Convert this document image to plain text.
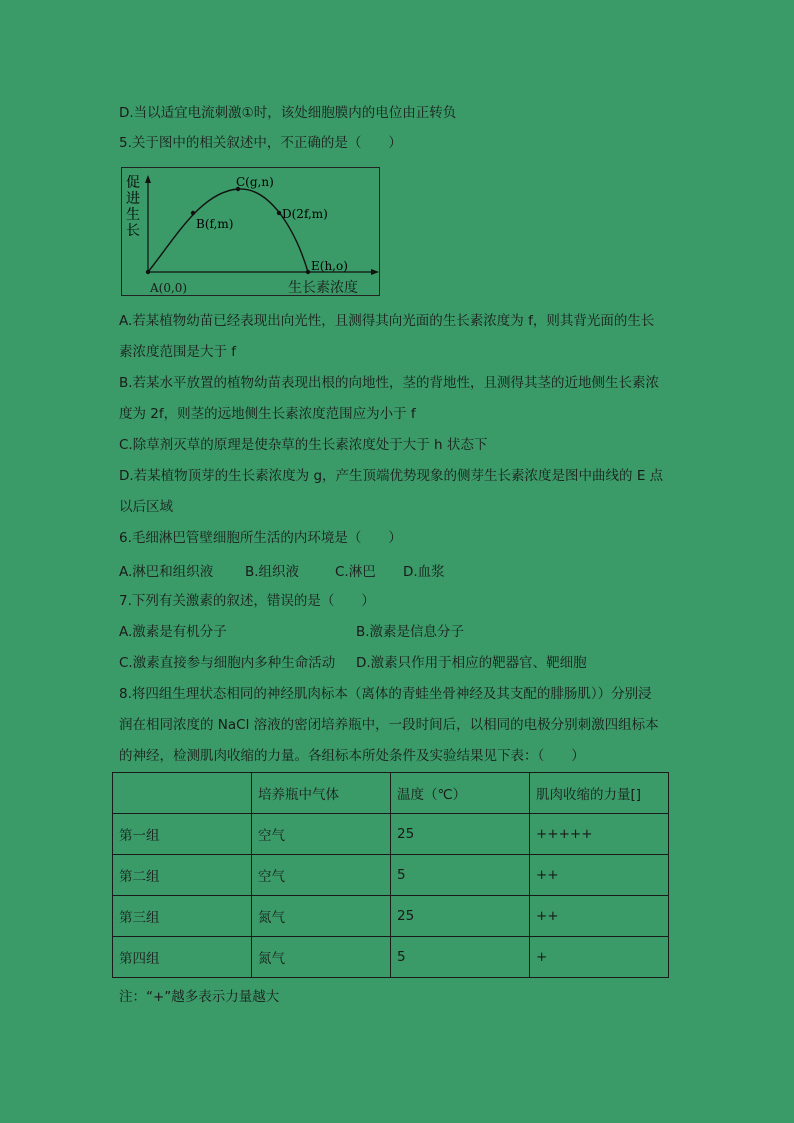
D.当以适宜电流刺激①时，该处细胞膜内的电位由正转负
5.关于图中的相关叙述中，不正确的是（　　）
促
进
生
长
C(g,n)
B(f,m)
D(2f,m)
E(h,o)
A(0,0)	生长素浓度
A.若某植物幼苗已经表现出向光性，且测得其向光面的生长素浓度为 f，则其背光面的生长
素浓度范围是大于 f
B.若某水平放置的植物幼苗表现出根的向地性，茎的背地性，且测得其茎的近地侧生长素浓
度为 2f，则茎的远地侧生长素浓度范围应为小于 f
C.除草剂灭草的原理是使杂草的生长素浓度处于大于 h 状态下
D.若某植物顶芽的生长素浓度为 g，产生顶端优势现象的侧芽生长素浓度是图中曲线的 E 点
以后区域
6.毛细淋巴管壁细胞所生活的内环境是（　　）
A.淋巴和组织液 B.组织液	C.淋巴 D.血浆
7.下列有关激素的叙述，错误的是（　　）
A.激素是有机分子	B.激素是信息分子
C.激素直接参与细胞内多种生命活动 D.激素只作用于相应的靶器官、靶细胞
8.将四组生理状态相同的神经肌肉标本（离体的青蛙坐骨神经及其支配的腓肠肌））分别浸
润在相同浓度的 NaCl 溶液的密闭培养瓶中，一段时间后，以相同的电极分别刺激四组标本
的神经，检测肌肉收缩的力量。各组标本所处条件及实验结果见下表：（　　）
	培养瓶中气体	温度（℃）	肌肉收缩的力量[]
第一组	空气	25	+++++
第二组	空气	5	++
第三组	氮气	25	++
第四组	氮气	5	+
注：“+”越多表示力量越大
